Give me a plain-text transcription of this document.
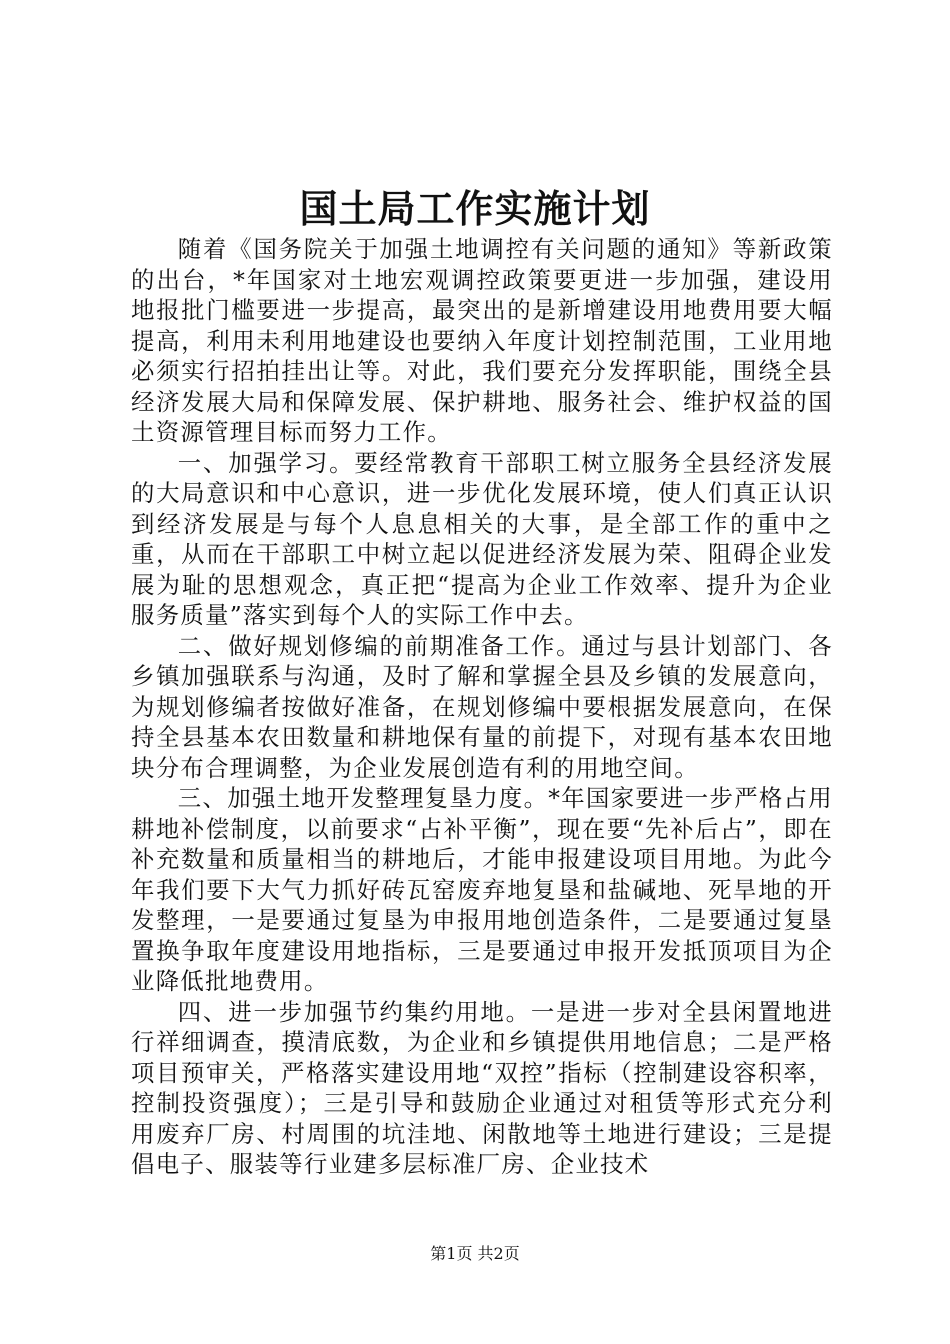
国土局工作实施计划

随着《国务院关于加强土地调控有关问题的通知》等新政策的出台，*年国家对土地宏观调控政策要更进一步加强，建设用地报批门槛要进一步提高，最突出的是新增建设用地费用要大幅提高，利用未利用地建设也要纳入年度计划控制范围，工业用地必须实行招拍挂出让等。对此，我们要充分发挥职能，围绕全县经济发展大局和保障发展、保护耕地、服务社会、维护权益的国土资源管理目标而努力工作。

一、加强学习。要经常教育干部职工树立服务全县经济发展的大局意识和中心意识，进一步优化发展环境，使人们真正认识到经济发展是与每个人息息相关的大事，是全部工作的重中之重，从而在干部职工中树立起以促进经济发展为荣、阻碍企业发展为耻的思想观念，真正把“提高为企业工作效率、提升为企业服务质量”落实到每个人的实际工作中去。

二、做好规划修编的前期准备工作。通过与县计划部门、各乡镇加强联系与沟通，及时了解和掌握全县及乡镇的发展意向，为规划修编者按做好准备，在规划修编中要根据发展意向，在保持全县基本农田数量和耕地保有量的前提下，对现有基本农田地块分布合理调整，为企业发展创造有利的用地空间。

三、加强土地开发整理复垦力度。*年国家要进一步严格占用耕地补偿制度，以前要求“占补平衡”，现在要“先补后占”，即在补充数量和质量相当的耕地后，才能申报建设项目用地。为此今年我们要下大气力抓好砖瓦窑废弃地复垦和盐碱地、死旱地的开发整理，一是要通过复垦为申报用地创造条件，二是要通过复垦置换争取年度建设用地指标，三是要通过申报开发抵顶项目为企业降低批地费用。

四、进一步加强节约集约用地。一是进一步对全县闲置地进行祥细调查，摸清底数，为企业和乡镇提供用地信息；二是严格项目预审关，严格落实建设用地“双控”指标（控制建设容积率，控制投资强度）；三是引导和鼓励企业通过对租赁等形式充分利用废弃厂房、村周围的坑洼地、闲散地等土地进行建设；三是提倡电子、服装等行业建多层标准厂房、企业技术

第1页 共2页
